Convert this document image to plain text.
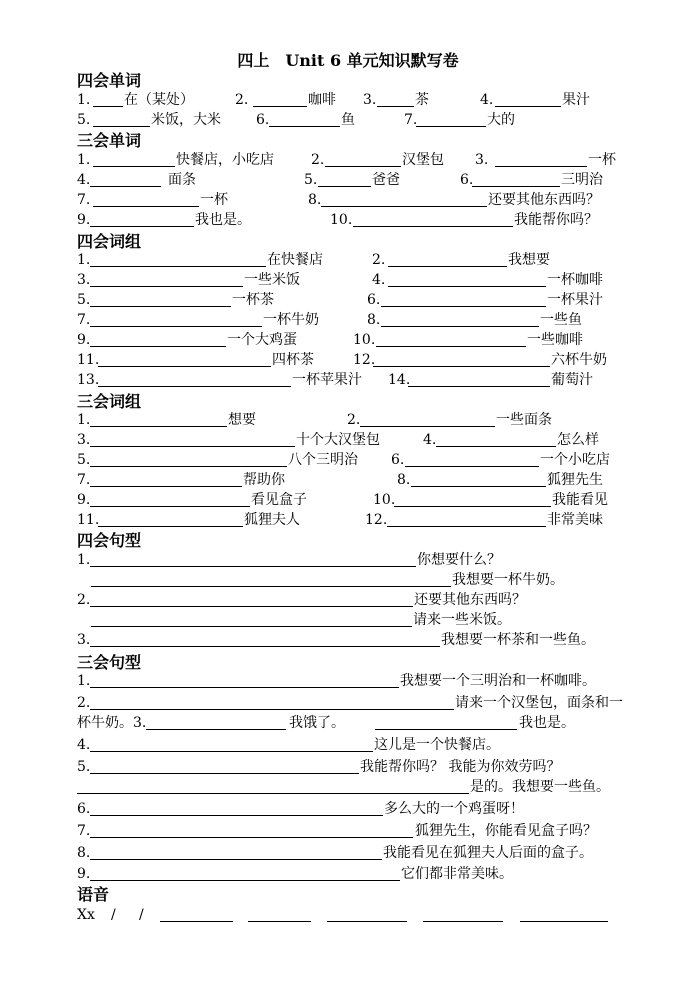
四上　Unit 6 单元知识默写卷
四会单词
1. 在（某处）	2.	咖啡 3.	茶	4.	果汁
5.	米饭，大米	6.	鱼	7.	大的
三会单词
1.	快餐店，小吃店	2.	汉堡包 3.	一杯
4.	面条	5.	爸爸	6.	三明治
7.	一杯	8.	还要其他东西吗？
9.	我也是。	10.	我能帮你吗？
四会词组
1.	在快餐店	2.	我想要
3.	一些米饭	4.	一杯咖啡
5.	一杯茶	6.	一杯果汁
7.	一杯牛奶	8.	一些鱼
9.	一个大鸡蛋	10.	一些咖啡
11.	四杯茶	12.	六杯牛奶
13.	一杯苹果汁 14.	葡萄汁
三会词组
1.	想要	2.	一些面条
3.	十个大汉堡包	4.	怎么样
5.	八个三明治 6.	一个小吃店
7.	帮助你	8.	狐狸先生
9.	看见盒子	10.	我能看见
11.	狐狸夫人	12.	非常美味
四会句型
1.	你想要什么？
我想要一杯牛奶。
2.	还要其他东西吗？
请来一些米饭。
3.	我想要一杯茶和一些鱼。
三会句型
1.	我想要一个三明治和一杯咖啡。
2.	请来一个汉堡包，面条和一
杯牛奶。 3.	我饿了。	我也是。
4.	这儿是一个快餐店。
5.	我能帮你吗？ 我能为你效劳吗？
是的。我想要一些鱼。
6.	多么大的一个鸡蛋呀！
7.	狐狸先生，你能看见盒子吗？
8.	我能看见在狐狸夫人后面的盒子。
9.	它们都非常美味。
语音
Xx / /
